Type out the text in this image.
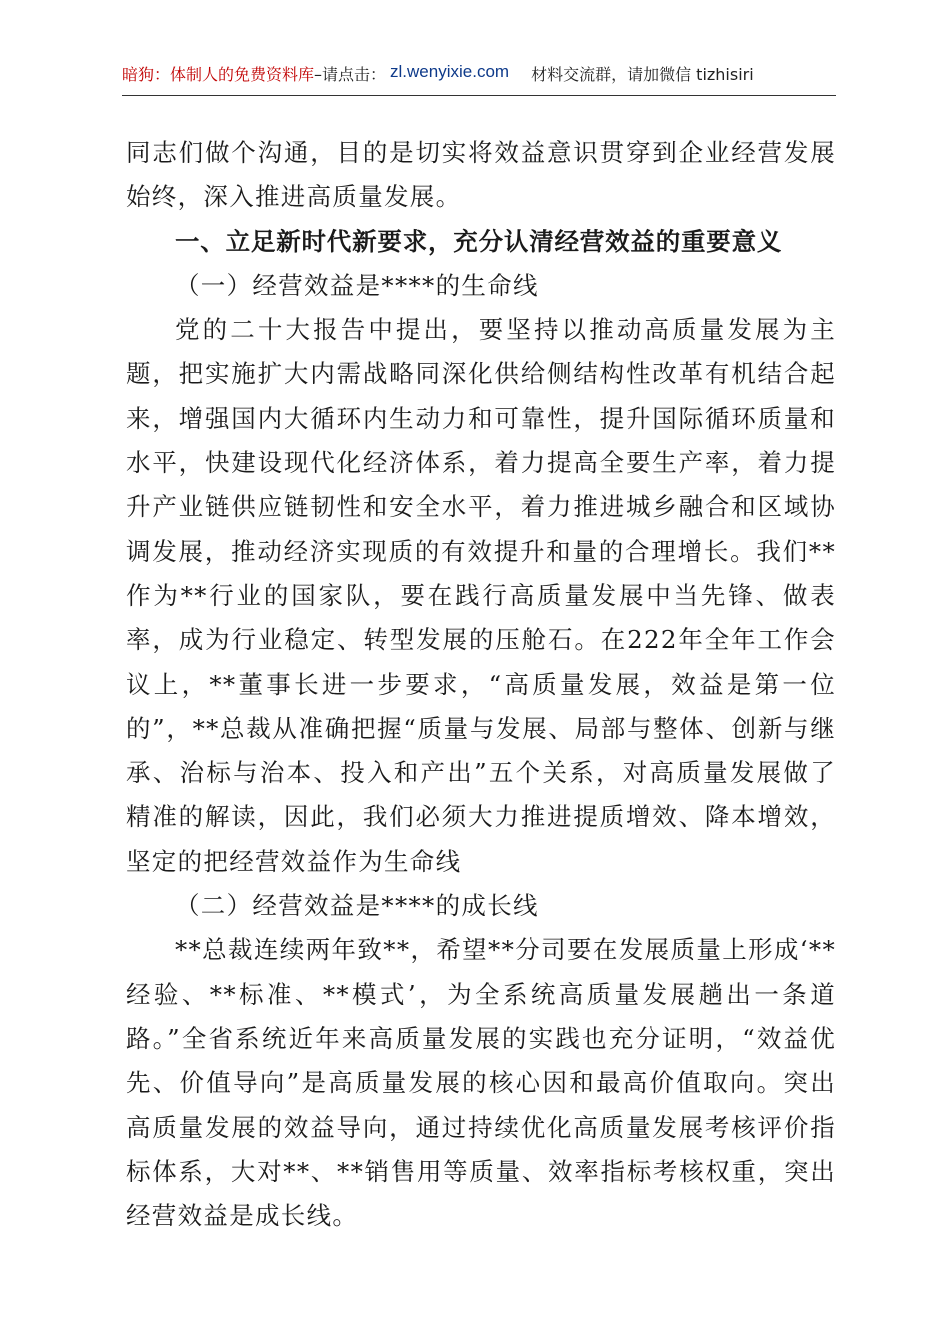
暗狗：体制人的免费资料库 –请点击： zl.wenyixie.com 材料交流群，请加微信 tizhisiri

同志们做个沟通，目的是切实将效益意识贯穿到企业经营发展始终，深入推进高质量发展。

一、立足新时代新要求，充分认清经营效益的重要意义

（一）经营效益是****的生命线

党的二十大报告中提出，要坚持以推动高质量发展为主题，把实施扩大内需战略同深化供给侧结构性改革有机结合起来，增强国内大循环内生动力和可靠性，提升国际循环质量和水平，快建设现代化经济体系，着力提高全要生产率，着力提升产业链供应链韧性和安全水平，着力推进城乡融合和区域协调发展，推动经济实现质的有效提升和量的合理增长。我们**作为**行业的国家队，要在践行高质量发展中当先锋、做表率，成为行业稳定、转型发展的压舱石。在222年全年工作会议上，**董事长进一步要求，“高质量发展，效益是第一位的”，**总裁从准确把握“质量与发展、局部与整体、创新与继承、治标与治本、投入和产出”五个关系，对高质量发展做了精准的解读，因此，我们必须大力推进提质增效、降本增效，坚定的把经营效益作为生命线

（二）经营效益是****的成长线

**总裁连续两年致**，希望**分司要在发展质量上形成‘**经验、**标准、**模式’，为全系统高质量发展趟出一条道路。”全省系统近年来高质量发展的实践也充分证明，“效益优先、价值导向”是高质量发展的核心因和最高价值取向。突出高质量发展的效益导向，通过持续优化高质量发展考核评价指标体系，大对**、**销售用等质量、效率指标考核权重，突出经营效益是成长线。
